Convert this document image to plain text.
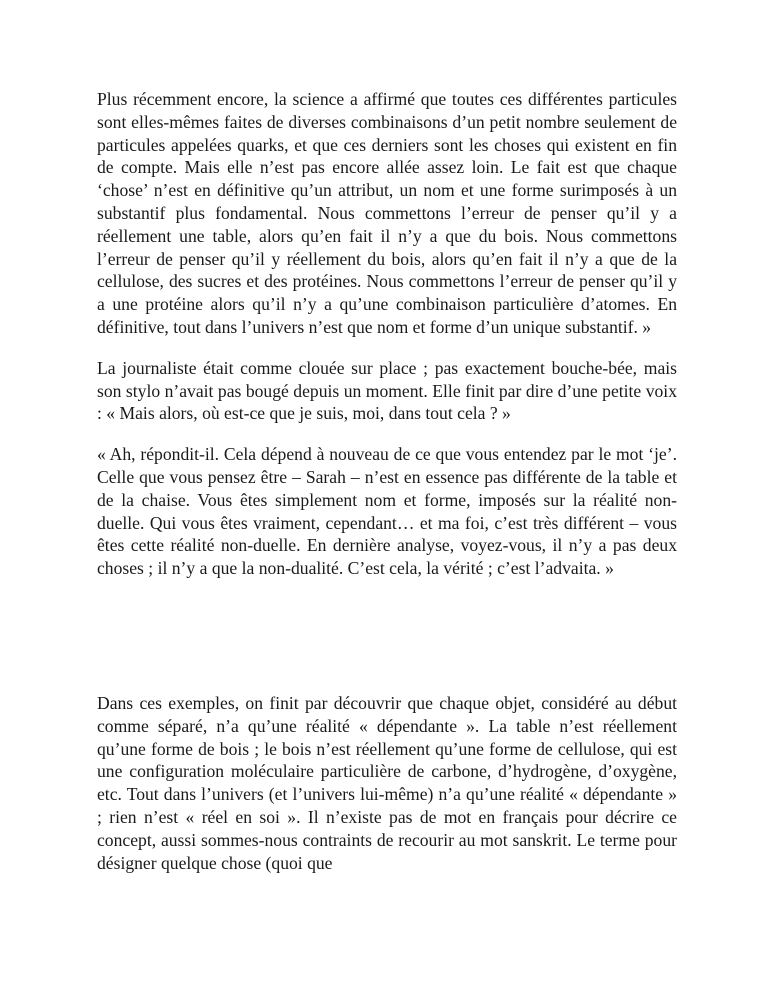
Plus récemment encore, la science a affirmé que toutes ces différentes particules sont elles-mêmes faites de diverses combinaisons d’un petit nombre seulement de particules appelées quarks, et que ces derniers sont les choses qui existent en fin de compte. Mais elle n’est pas encore allée assez loin. Le fait est que chaque ‘chose’ n’est en définitive qu’un attribut, un nom et une forme surimposés à un substantif plus fondamental. Nous commettons l’erreur de penser qu’il y a réellement une table, alors qu’en fait il n’y a que du bois. Nous commettons l’erreur de penser qu’il y réellement du bois, alors qu’en fait il n’y a que de la cellulose, des sucres et des protéines. Nous commettons l’erreur de penser qu’il y a une protéine alors qu’il n’y a qu’une combinaison particulière d’atomes. En définitive, tout dans l’univers n’est que nom et forme d’un unique substantif. »

La journaliste était comme clouée sur place ; pas exactement bouche-bée, mais son stylo n’avait pas bougé depuis un moment. Elle finit par dire d’une petite voix : « Mais alors, où est-ce que je suis, moi, dans tout cela ? »

« Ah, répondit-il. Cela dépend à nouveau de ce que vous entendez par le mot ‘je’. Celle que vous pensez être – Sarah – n’est en essence pas différente de la table et de la chaise. Vous êtes simplement nom et forme, imposés sur la réalité non-duelle. Qui vous êtes vraiment, cependant… et ma foi, c’est très différent – vous êtes cette réalité non-duelle. En dernière analyse, voyez-vous, il n’y a pas deux choses ; il n’y a que la non-dualité. C’est cela, la vérité ; c’est l’advaita. »

Dans ces exemples, on finit par découvrir que chaque objet, considéré au début comme séparé, n’a qu’une réalité « dépendante ». La table n’est réellement qu’une forme de bois ; le bois n’est réellement qu’une forme de cellulose, qui est une configuration moléculaire particulière de carbone, d’hydrogène, d’oxygène, etc. Tout dans l’univers (et l’univers lui-même) n’a qu’une réalité « dépendante » ; rien n’est « réel en soi ». Il n’existe pas de mot en français pour décrire ce concept, aussi sommes-nous contraints de recourir au mot sanskrit. Le terme pour désigner quelque chose (quoi que
